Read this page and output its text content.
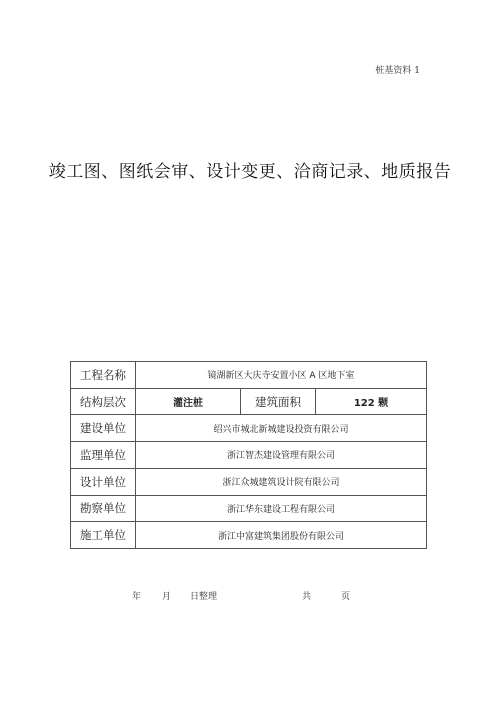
桩基资料 1
竣工图、图纸会审、设计变更、洽商记录、地质报告
工程名称	镜湖新区大庆寺安置小区 A 区地下室		
结构层次	灌注桩	建筑面积	122 颗
建设单位	绍兴市城北新城建设投资有限公司		
监理单位	浙江智杰建设管理有限公司		
设计单位	浙江众城建筑设计院有限公司		
勘察单位	浙江华东建设工程有限公司		
施工单位	浙江中富建筑集团股份有限公司		
年 月 日整理	共	页
